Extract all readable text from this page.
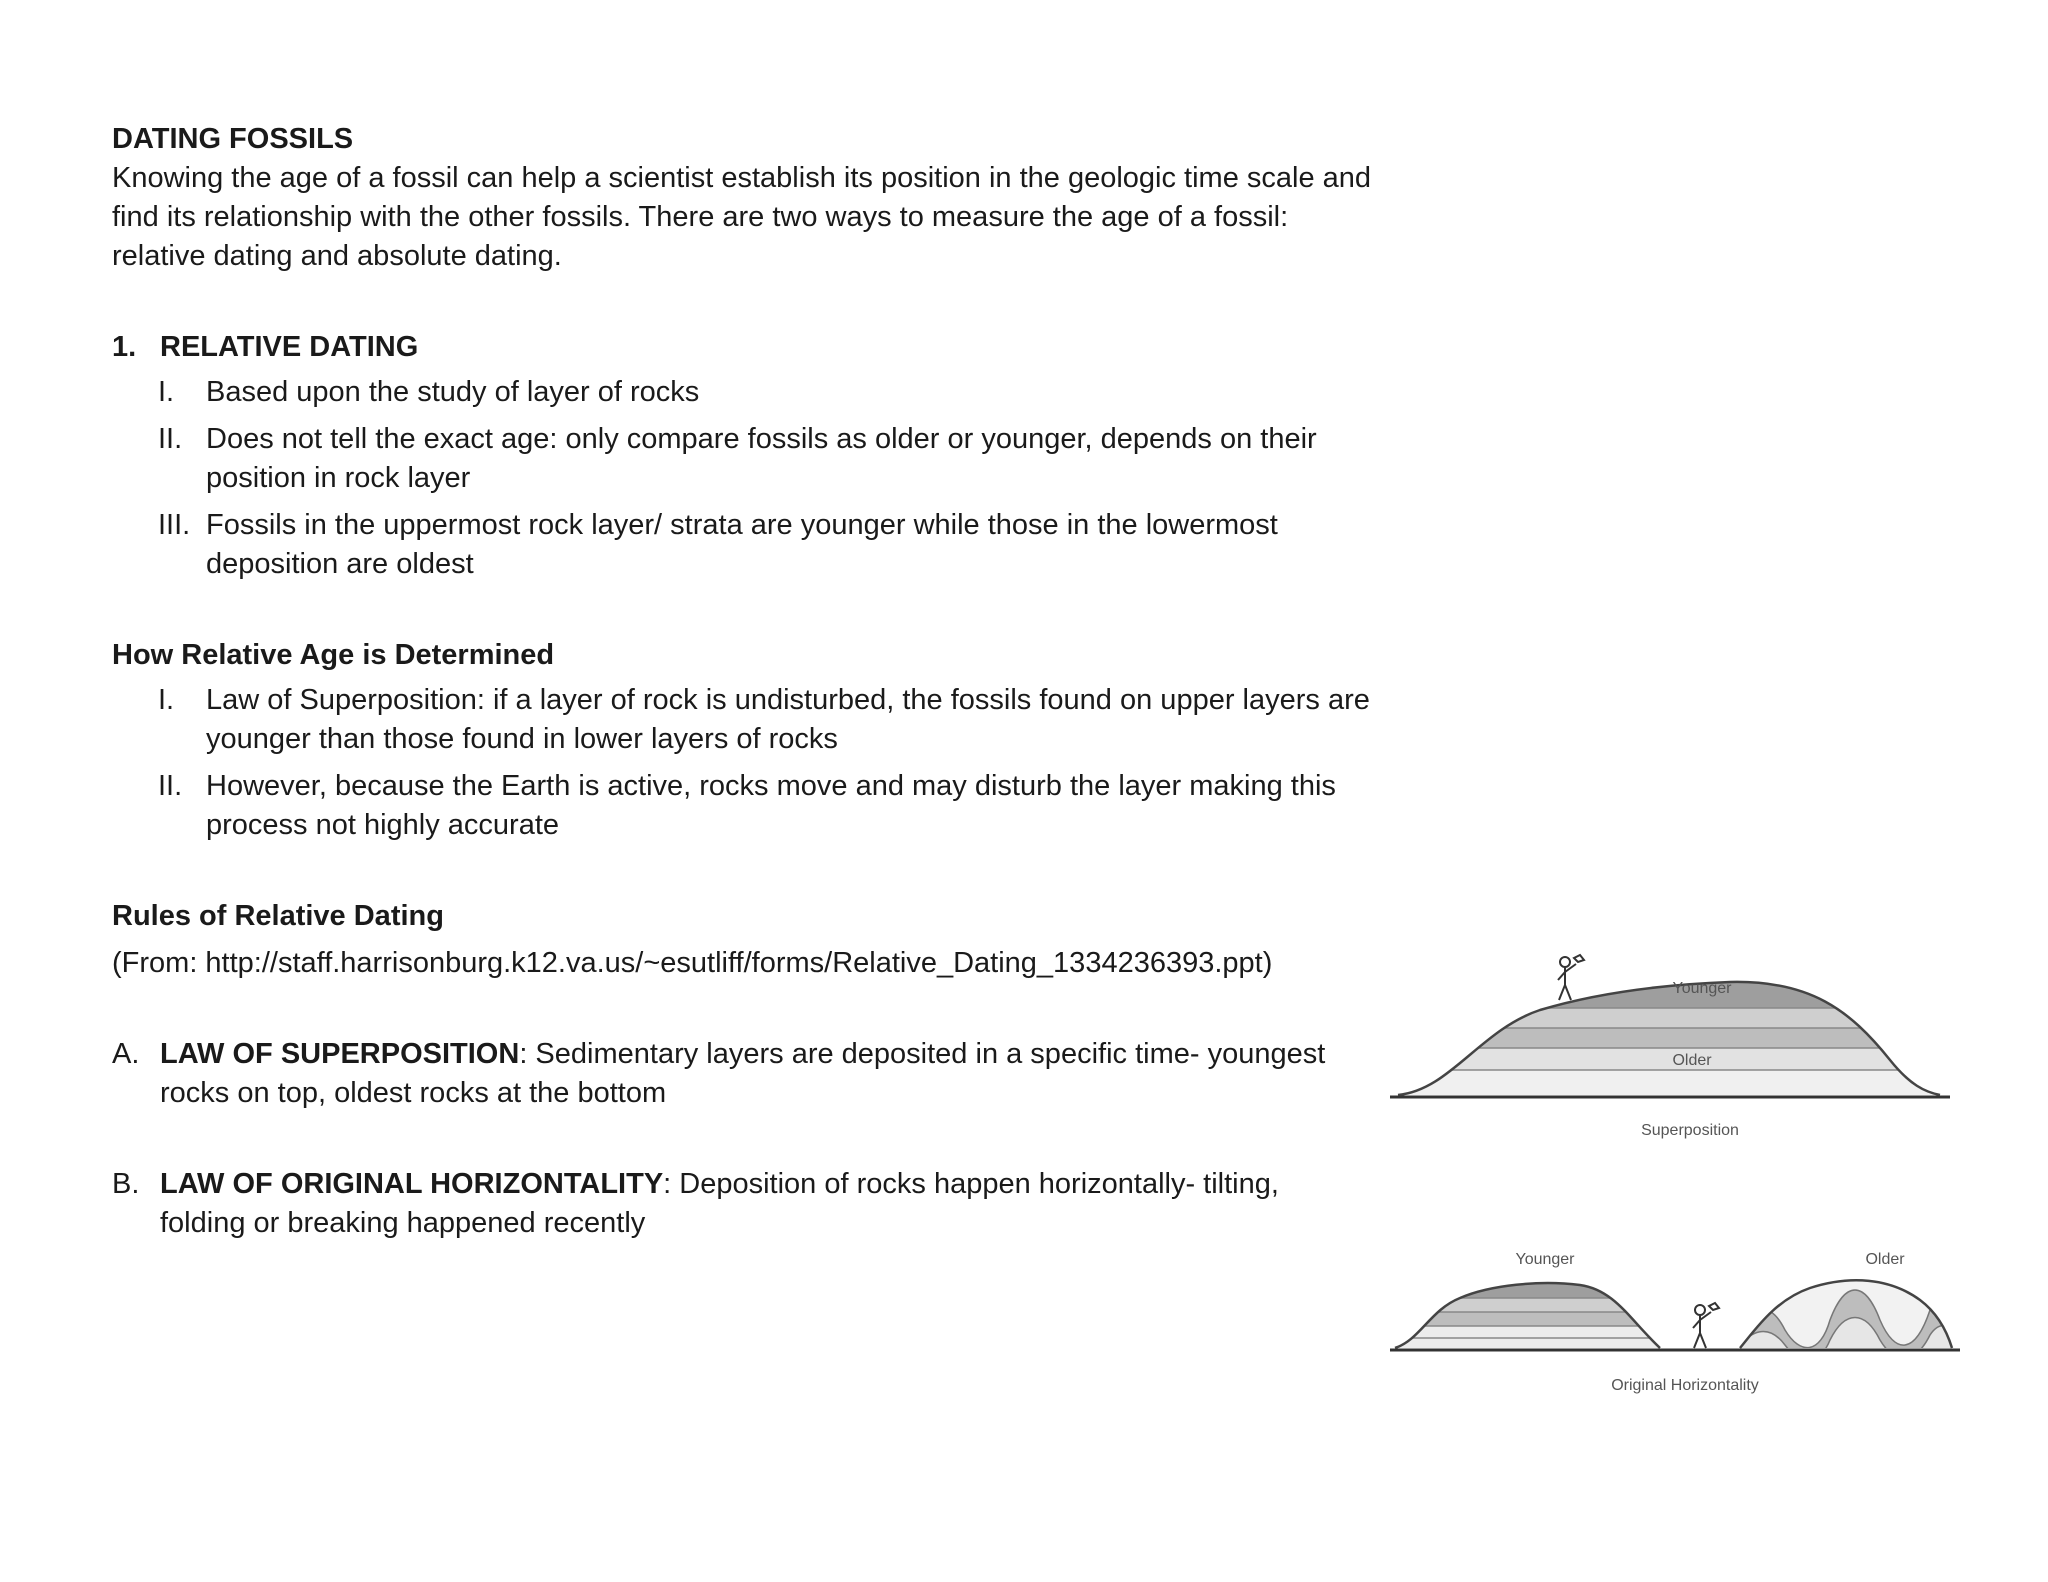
DATING FOSSILS

Knowing the age of a fossil can help a scientist establish its position in the geologic time scale and find its relationship with the other fossils. There are two ways to measure the age of a fossil: relative dating and absolute dating.

1. RELATIVE DATING
I.	Based upon the study of layer of rocks
II. Does not tell the exact age: only compare fossils as older or younger, depends on their position in rock layer
III. Fossils in the uppermost rock layer/ strata are younger while those in the lowermost deposition are oldest
How Relative Age is Determined
I.	Law of Superposition: if a layer of rock is undisturbed, the fossils found on upper layers are younger than those found in lower layers of rocks
II. However, because the Earth is active, rocks move and may disturb the layer making this process not highly accurate
Rules of Relative Dating
(From: http://staff.harrisonburg.k12.va.us/~esutliff/forms/Relative_Dating_1334236393.ppt)
A. LAW OF SUPERPOSITION: Sedimentary layers are deposited in a specific time- youngest rocks on top, oldest rocks at the bottom
B. LAW OF ORIGINAL HORIZONTALITY: Deposition of rocks happen horizontally- tilting, folding or breaking happened recently
Younger
Older
Superposition
Younger	Older
Original Horizontality
